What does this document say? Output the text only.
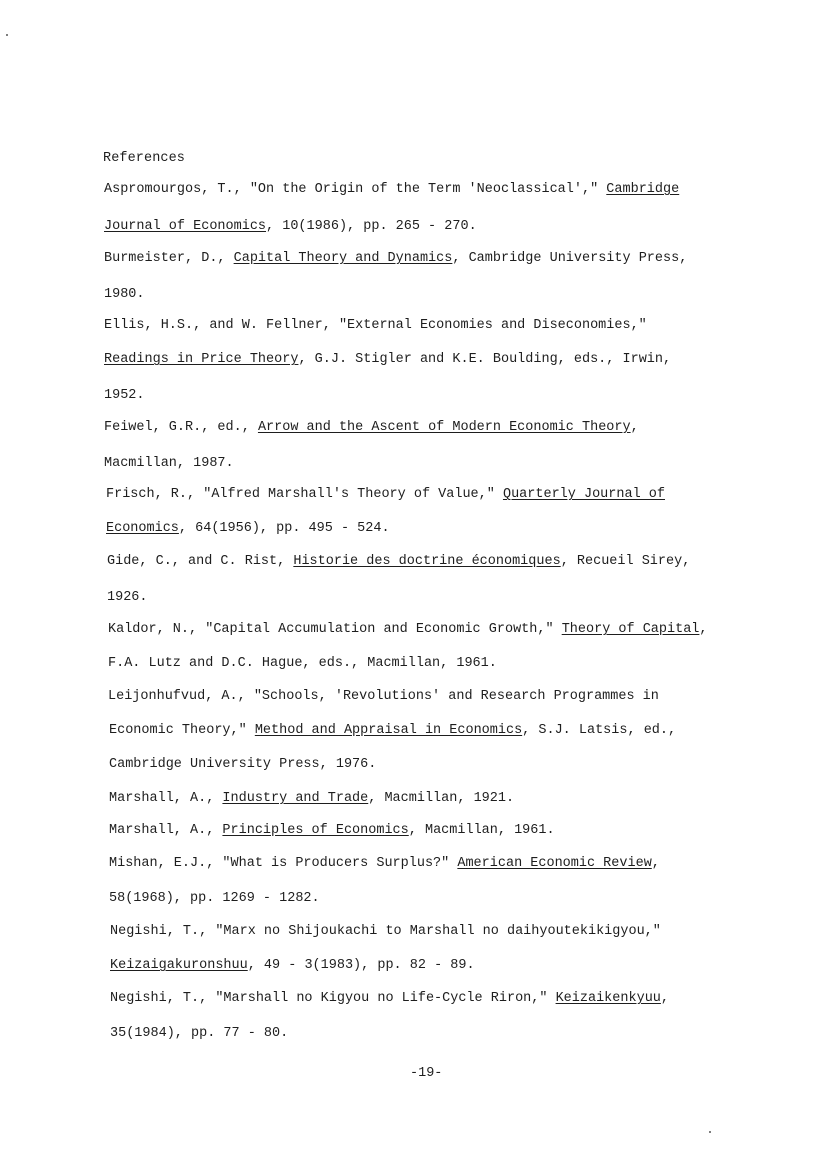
References
Aspromourgos, T., "On the Origin of the Term 'Neoclassical'," Cambridge
Journal of Economics, 10(1986), pp. 265 - 270.
Burmeister, D., Capital Theory and Dynamics, Cambridge University Press,
1980.
Ellis, H.S., and W. Fellner, "External Economies and Diseconomies,"
Readings in Price Theory, G.J. Stigler and K.E. Boulding, eds., Irwin,
1952.
Feiwel, G.R., ed., Arrow and the Ascent of Modern Economic Theory,
Macmillan, 1987.
Frisch, R., "Alfred Marshall's Theory of Value," Quarterly Journal of
Economics, 64(1956), pp. 495 - 524.
Gide, C., and C. Rist, Historie des doctrine économiques, Recueil Sirey,
1926.
Kaldor, N., "Capital Accumulation and Economic Growth," Theory of Capital,
F.A. Lutz and D.C. Hague, eds., Macmillan, 1961.
Leijonhufvud, A., "Schools, 'Revolutions' and Research Programmes in
Economic Theory," Method and Appraisal in Economics, S.J. Latsis, ed.,
Cambridge University Press, 1976.
Marshall, A., Industry and Trade, Macmillan, 1921.
Marshall, A., Principles of Economics, Macmillan, 1961.
Mishan, E.J., "What is Producers Surplus?" American Economic Review,
58(1968), pp. 1269 - 1282.
Negishi, T., "Marx no Shijoukachi to Marshall no daihyoutekikigyou,"
Keizaigakuronshuu, 49 - 3(1983), pp. 82 - 89.
Negishi, T., "Marshall no Kigyou no Life-Cycle Riron," Keizaikenkyuu,
35(1984), pp. 77 - 80.
-19-
